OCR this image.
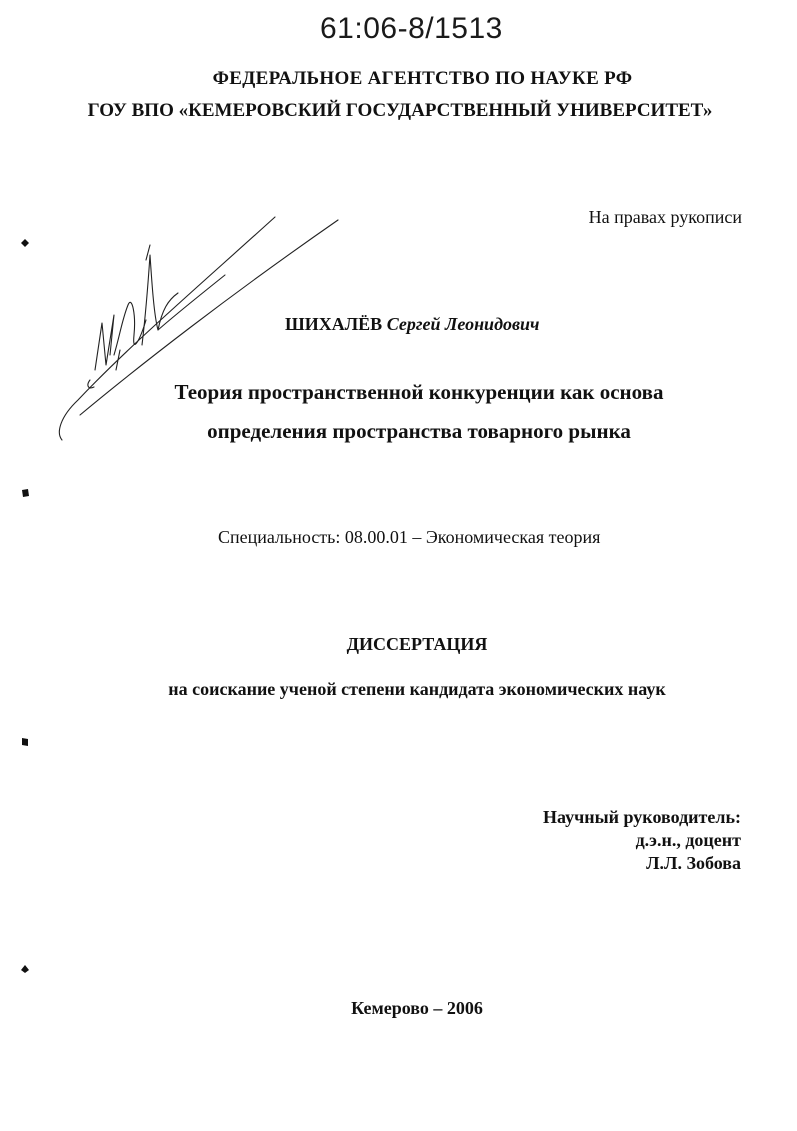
61:06-8/1513
ФЕДЕРАЛЬНОЕ АГЕНТСТВО ПО НАУКЕ РФ
ГОУ ВПО «КЕМЕРОВСКИЙ ГОСУДАРСТВЕННЫЙ УНИВЕРСИТЕТ»
На правах рукописи
ШИХАЛЁВ Сергей Леонидович
Теория пространственной конкуренции как основа
определения пространства товарного рынка
Специальность: 08.00.01 – Экономическая теория
ДИССЕРТАЦИЯ
на соискание ученой степени кандидата экономических наук
Научный руководитель:
д.э.н., доцент
Л.Л. Зобова
Кемерово – 2006
